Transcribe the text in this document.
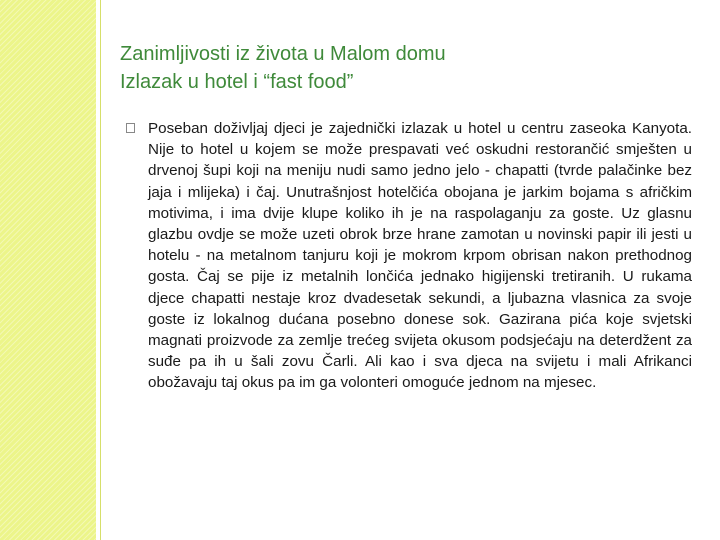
Zanimljivosti iz života u Malom domu
Izlazak u hotel i “fast food”

Poseban doživljaj djeci je zajednički izlazak u hotel u centru zaseoka Kanyota. Nije to hotel u kojem se može prespavati već oskudni restorančić smješten u drvenoj šupi koji na meniju nudi samo jedno jelo - chapatti (tvrde palačinke bez jaja i mlijeka) i čaj. Unutrašnjost hotelčića obojana je jarkim bojama s afričkim motivima, i ima dvije klupe koliko ih je na raspolaganju za goste. Uz glasnu glazbu ovdje se može uzeti obrok brze hrane zamotan u novinski papir ili jesti u hotelu - na metalnom tanjuru koji je mokrom krpom obrisan nakon prethodnog gosta. Čaj se pije iz metalnih lončića jednako higijenski tretiranih. U rukama djece chapatti nestaje kroz dvadesetak sekundi, a ljubazna vlasnica za svoje goste iz lokalnog dućana posebno donese sok. Gazirana pića koje svjetski magnati proizvode za zemlje trećeg svijeta okusom podsjećaju na deterdžent za suđe pa ih u šali zovu Čarli. Ali kao i sva djeca na svijetu i mali Afrikanci obožavaju taj okus pa im ga volonteri omoguće jednom na mjesec.
